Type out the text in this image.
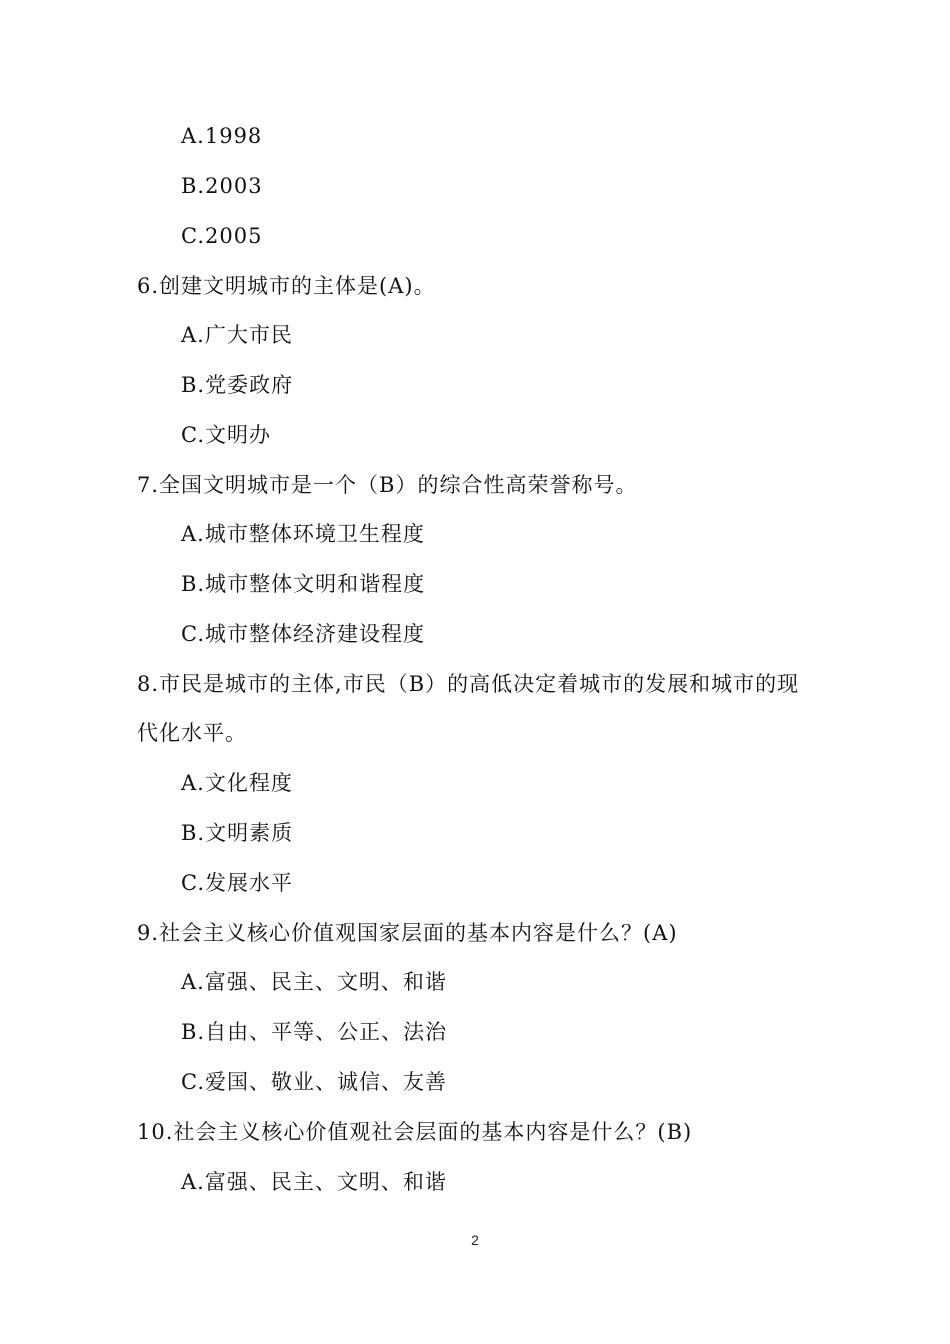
A.1998
B.2003
C.2005
6.创建文明城市的主体是(A)。
A.广大市民
B.党委政府
C.文明办
7.全国文明城市是一个（B）的综合性高荣誉称号。
A.城市整体环境卫生程度
B.城市整体文明和谐程度
C.城市整体经济建设程度
8.市民是城市的主体,市民（B）的高低决定着城市的发展和城市的现
代化水平。
A.文化程度
B.文明素质
C.发展水平
9.社会主义核心价值观国家层面的基本内容是什么？(A)
A.富强、民主、文明、和谐
B.自由、平等、公正、法治
C.爱国、敬业、诚信、友善
10.社会主义核心价值观社会层面的基本内容是什么？(B)
A.富强、民主、文明、和谐
2
